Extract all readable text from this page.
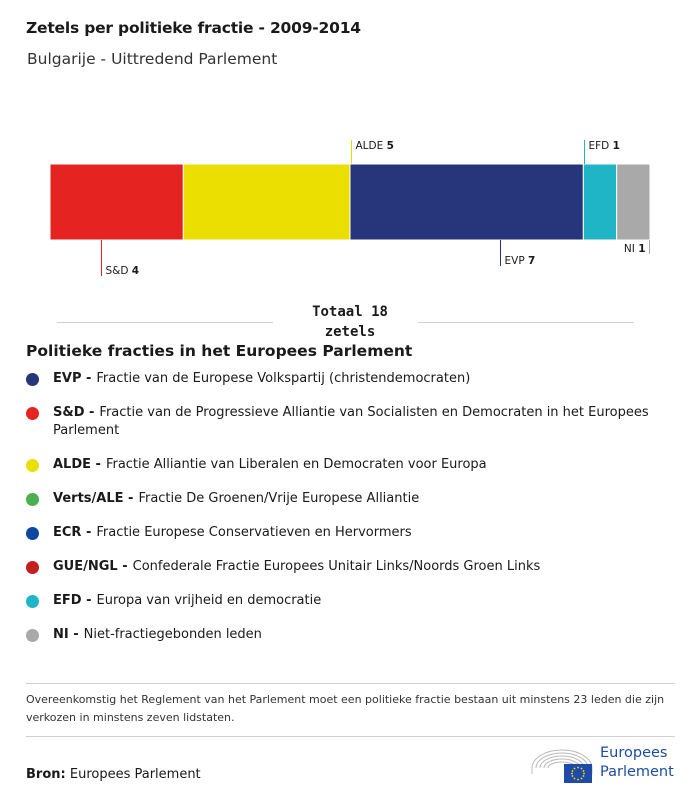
Zetels per politieke fractie - 2009-2014
Bulgarije - Uittredend Parlement
S&D 4
ALDE 5
EVP 7
EFD 1
NI 1
Totaal 18
zetels
Politieke fracties in het Europees Parlement
EVP - Fractie van de Europese Volkspartij (christendemocraten)
S&D - Fractie van de Progressieve Alliantie van Socialisten en Democraten in het Europees Parlement
ALDE - Fractie Alliantie van Liberalen en Democraten voor Europa
Verts/ALE - Fractie De Groenen/Vrije Europese Alliantie
ECR - Fractie Europese Conservatieven en Hervormers
GUE/NGL - Confederale Fractie Europees Unitair Links/Noords Groen Links
EFD - Europa van vrijheid en democratie
NI - Niet-fractiegebonden leden
Overeenkomstig het Reglement van het Parlement moet een politieke fractie bestaan uit minstens 23 leden die zijn verkozen in minstens zeven lidstaten.
Bron: Europees Parlement
Europees
Parlement
